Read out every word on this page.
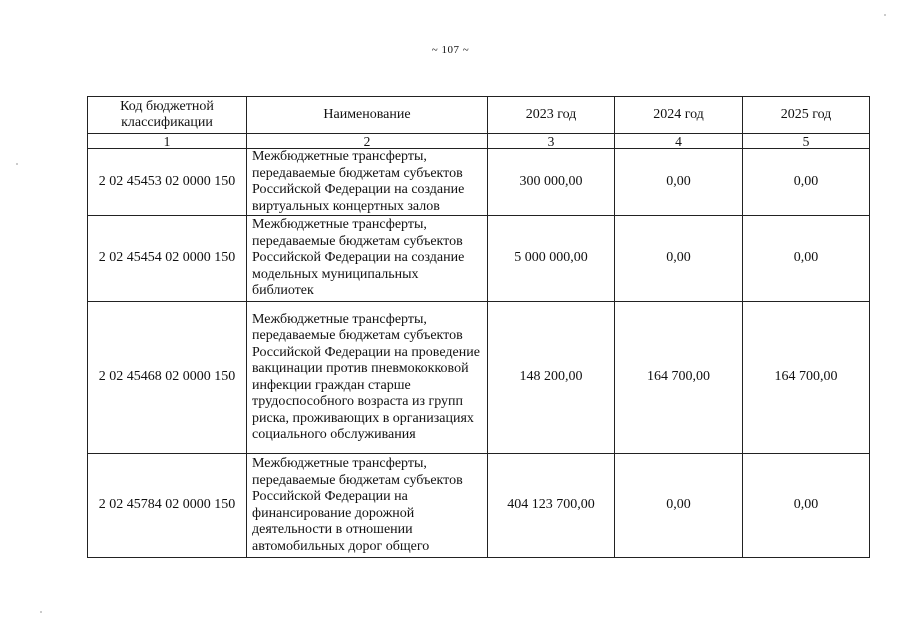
~ 107 ~
Код бюджетной классификации	Наименование	2023 год	2024 год	2025 год
1	2	3	4	5
2 02 45453 02 0000 150	Межбюджетные трансферты, передаваемые бюджетам субъектов Российской Федерации на создание виртуальных концертных залов	300 000,00	0,00	0,00
2 02 45454 02 0000 150	Межбюджетные трансферты, передаваемые бюджетам субъектов Российской Федерации на создание модельных муниципальных библиотек	5 000 000,00	0,00	0,00
2 02 45468 02 0000 150	Межбюджетные трансферты, передаваемые бюджетам субъектов Российской Федерации на проведение вакцинации против пневмококковой инфекции граждан старше трудоспособного возраста из групп риска, проживающих в организациях социального обслуживания	148 200,00	164 700,00	164 700,00
2 02 45784 02 0000 150	Межбюджетные трансферты, передаваемые бюджетам субъектов Российской Федерации на финансирование дорожной деятельности в отношении автомобильных дорог общего	404 123 700,00	0,00	0,00
